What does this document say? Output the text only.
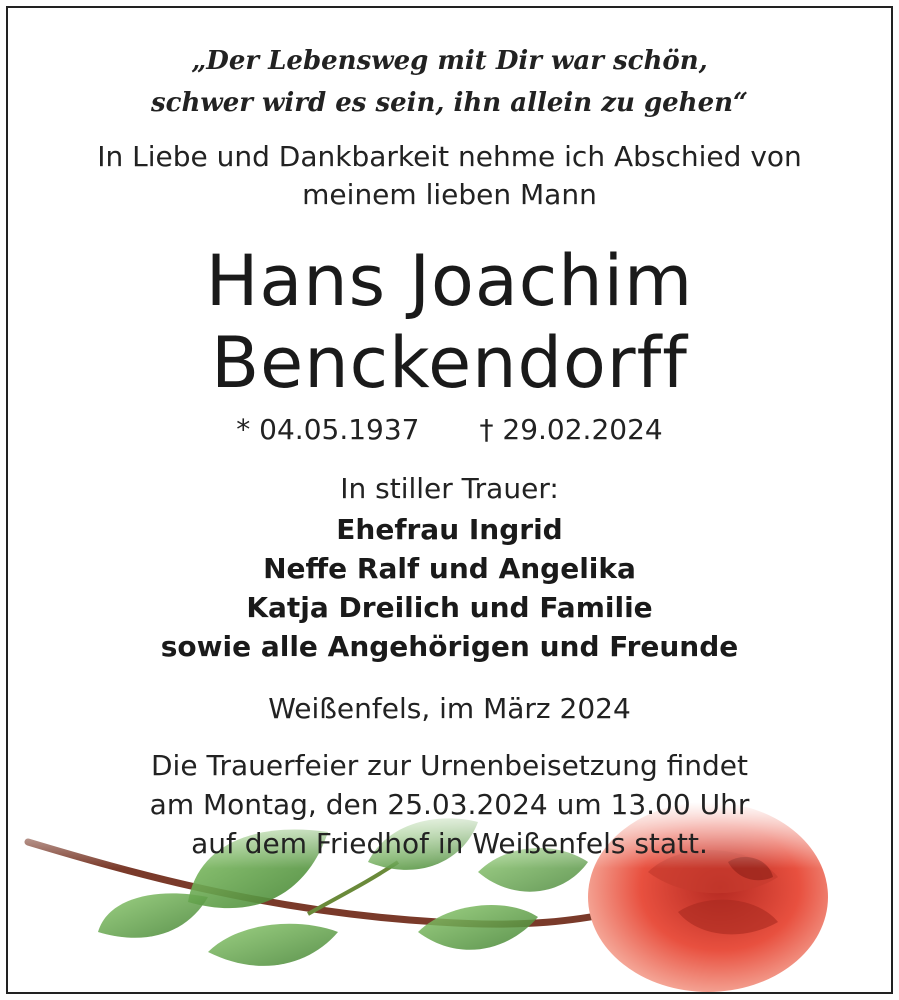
„Der Lebensweg mit Dir war schön,
schwer wird es sein, ihn allein zu gehen“
In Liebe und Dankbarkeit nehme ich Abschied von
meinem lieben Mann
Hans Joachim
Benckendorff
* 04.05.1937 † 29.02.2024
In stiller Trauer:
Ehefrau Ingrid
Neffe Ralf und Angelika
Katja Dreilich und Familie
sowie alle Angehörigen und Freunde
Weißenfels, im März 2024
Die Trauerfeier zur Urnenbeisetzung findet
am Montag, den 25.03.2024 um 13.00 Uhr
auf dem Friedhof in Weißenfels statt.
